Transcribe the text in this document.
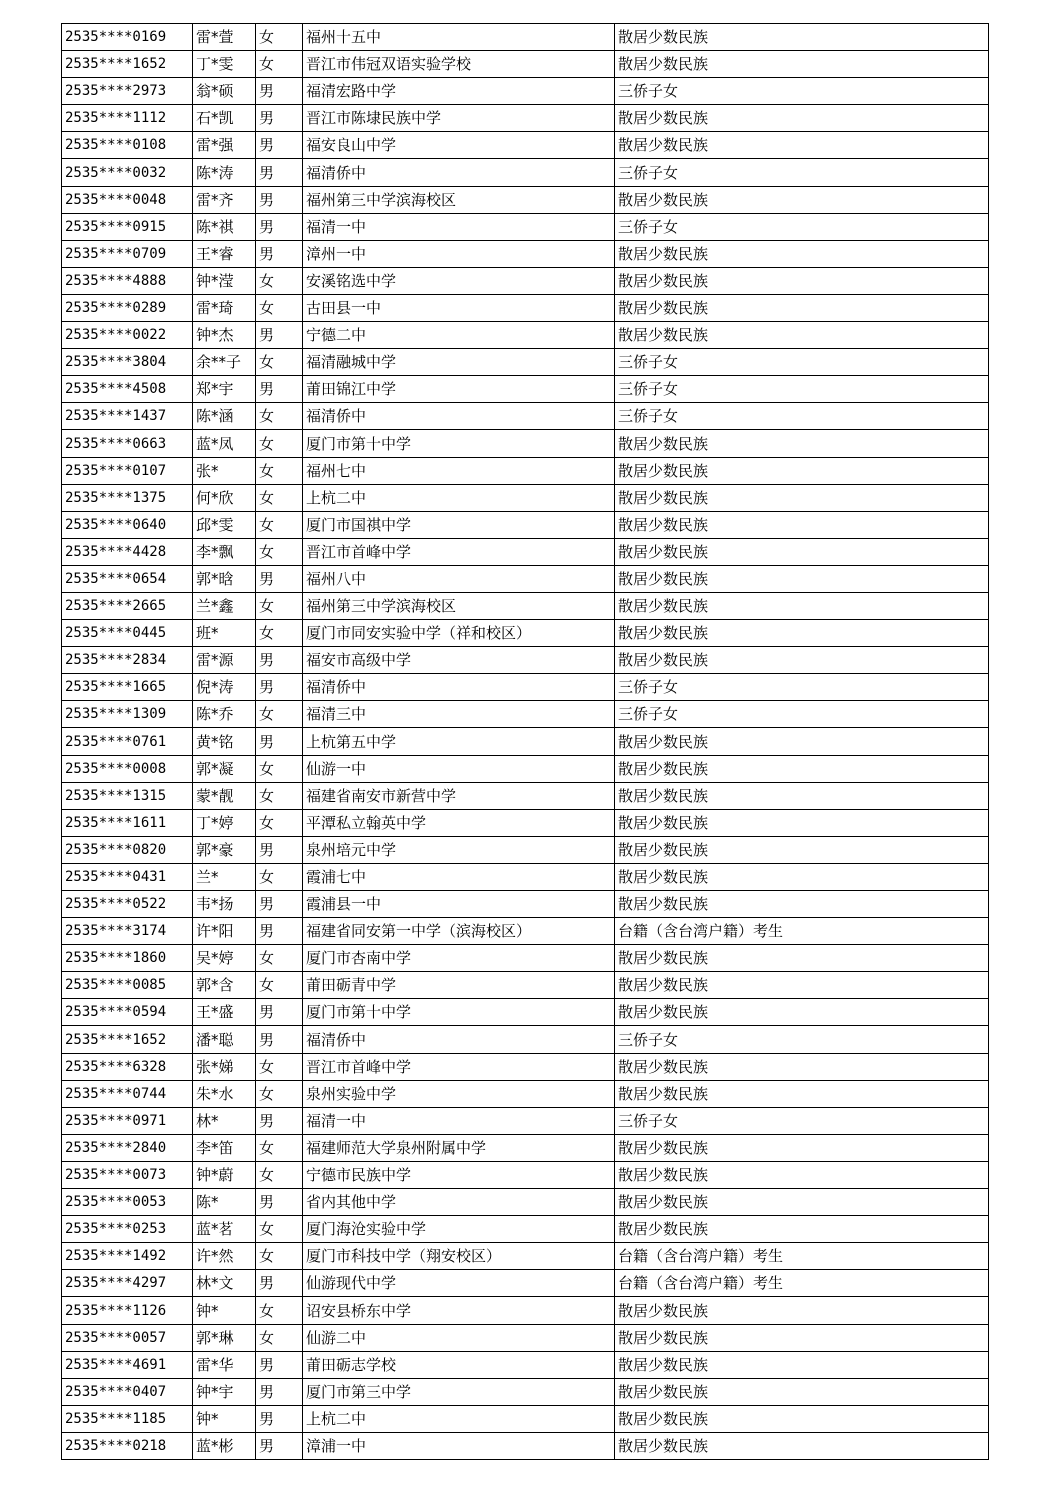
2535****0169	雷*萱	女	福州十五中	散居少数民族
2535****1652	丁*雯	女	晋江市伟冠双语实验学校	散居少数民族
2535****2973	翁*硕	男	福清宏路中学	三侨子女
2535****1112	石*凯	男	晋江市陈埭民族中学	散居少数民族
2535****0108	雷*强	男	福安良山中学	散居少数民族
2535****0032	陈*涛	男	福清侨中	三侨子女
2535****0048	雷*齐	男	福州第三中学滨海校区	散居少数民族
2535****0915	陈*祺	男	福清一中	三侨子女
2535****0709	王*睿	男	漳州一中	散居少数民族
2535****4888	钟*滢	女	安溪铭选中学	散居少数民族
2535****0289	雷*琦	女	古田县一中	散居少数民族
2535****0022	钟*杰	男	宁德二中	散居少数民族
2535****3804	余**子	女	福清融城中学	三侨子女
2535****4508	郑*宇	男	莆田锦江中学	三侨子女
2535****1437	陈*涵	女	福清侨中	三侨子女
2535****0663	蓝*凤	女	厦门市第十中学	散居少数民族
2535****0107	张*	女	福州七中	散居少数民族
2535****1375	何*欣	女	上杭二中	散居少数民族
2535****0640	邱*雯	女	厦门市国祺中学	散居少数民族
2535****4428	李*飘	女	晋江市首峰中学	散居少数民族
2535****0654	郭*晗	男	福州八中	散居少数民族
2535****2665	兰*鑫	女	福州第三中学滨海校区	散居少数民族
2535****0445	班*	女	厦门市同安实验中学（祥和校区）	散居少数民族
2535****2834	雷*源	男	福安市高级中学	散居少数民族
2535****1665	倪*涛	男	福清侨中	三侨子女
2535****1309	陈*乔	女	福清三中	三侨子女
2535****0761	黄*铭	男	上杭第五中学	散居少数民族
2535****0008	郭*凝	女	仙游一中	散居少数民族
2535****1315	蒙*靓	女	福建省南安市新营中学	散居少数民族
2535****1611	丁*婷	女	平潭私立翰英中学	散居少数民族
2535****0820	郭*豪	男	泉州培元中学	散居少数民族
2535****0431	兰*	女	霞浦七中	散居少数民族
2535****0522	韦*扬	男	霞浦县一中	散居少数民族
2535****3174	许*阳	男	福建省同安第一中学（滨海校区）	台籍（含台湾户籍）考生
2535****1860	吴*婷	女	厦门市杏南中学	散居少数民族
2535****0085	郭*含	女	莆田砺青中学	散居少数民族
2535****0594	王*盛	男	厦门市第十中学	散居少数民族
2535****1652	潘*聪	男	福清侨中	三侨子女
2535****6328	张*娣	女	晋江市首峰中学	散居少数民族
2535****0744	朱*水	女	泉州实验中学	散居少数民族
2535****0971	林*	男	福清一中	三侨子女
2535****2840	李*笛	女	福建师范大学泉州附属中学	散居少数民族
2535****0073	钟*蔚	女	宁德市民族中学	散居少数民族
2535****0053	陈*	男	省内其他中学	散居少数民族
2535****0253	蓝*茗	女	厦门海沧实验中学	散居少数民族
2535****1492	许*然	女	厦门市科技中学（翔安校区）	台籍（含台湾户籍）考生
2535****4297	林*文	男	仙游现代中学	台籍（含台湾户籍）考生
2535****1126	钟*	女	诏安县桥东中学	散居少数民族
2535****0057	郭*琳	女	仙游二中	散居少数民族
2535****4691	雷*华	男	莆田砺志学校	散居少数民族
2535****0407	钟*宇	男	厦门市第三中学	散居少数民族
2535****1185	钟*	男	上杭二中	散居少数民族
2535****0218	蓝*彬	男	漳浦一中	散居少数民族
